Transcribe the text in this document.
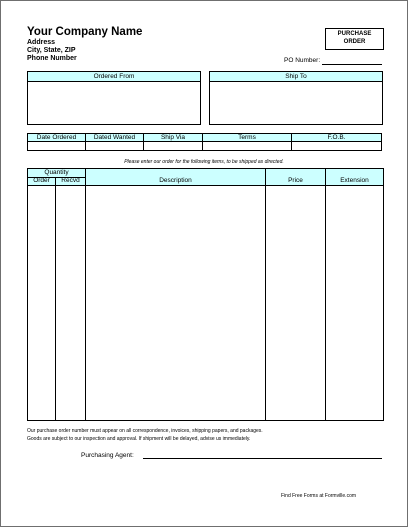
Your Company Name
Address
City, State, ZIP
Phone Number
PURCHASE
ORDER
PO Number:
Ordered From	Ship To
Date Ordered	Dated Wanted	Ship Via	Terms	F.O.B.

Please enter our order for the following items, to be shipped as directed.
Quantity
Order	Recvd	Description	Price	Extension
Our purchase order number must appear on all correspondence, invoices, shipping papers, and packages.
Goods are subject to our inspection and approval. If shipment will be delayed, advise us immediately.
Purchasing Agent:
Find Free Forms at Formville.com
